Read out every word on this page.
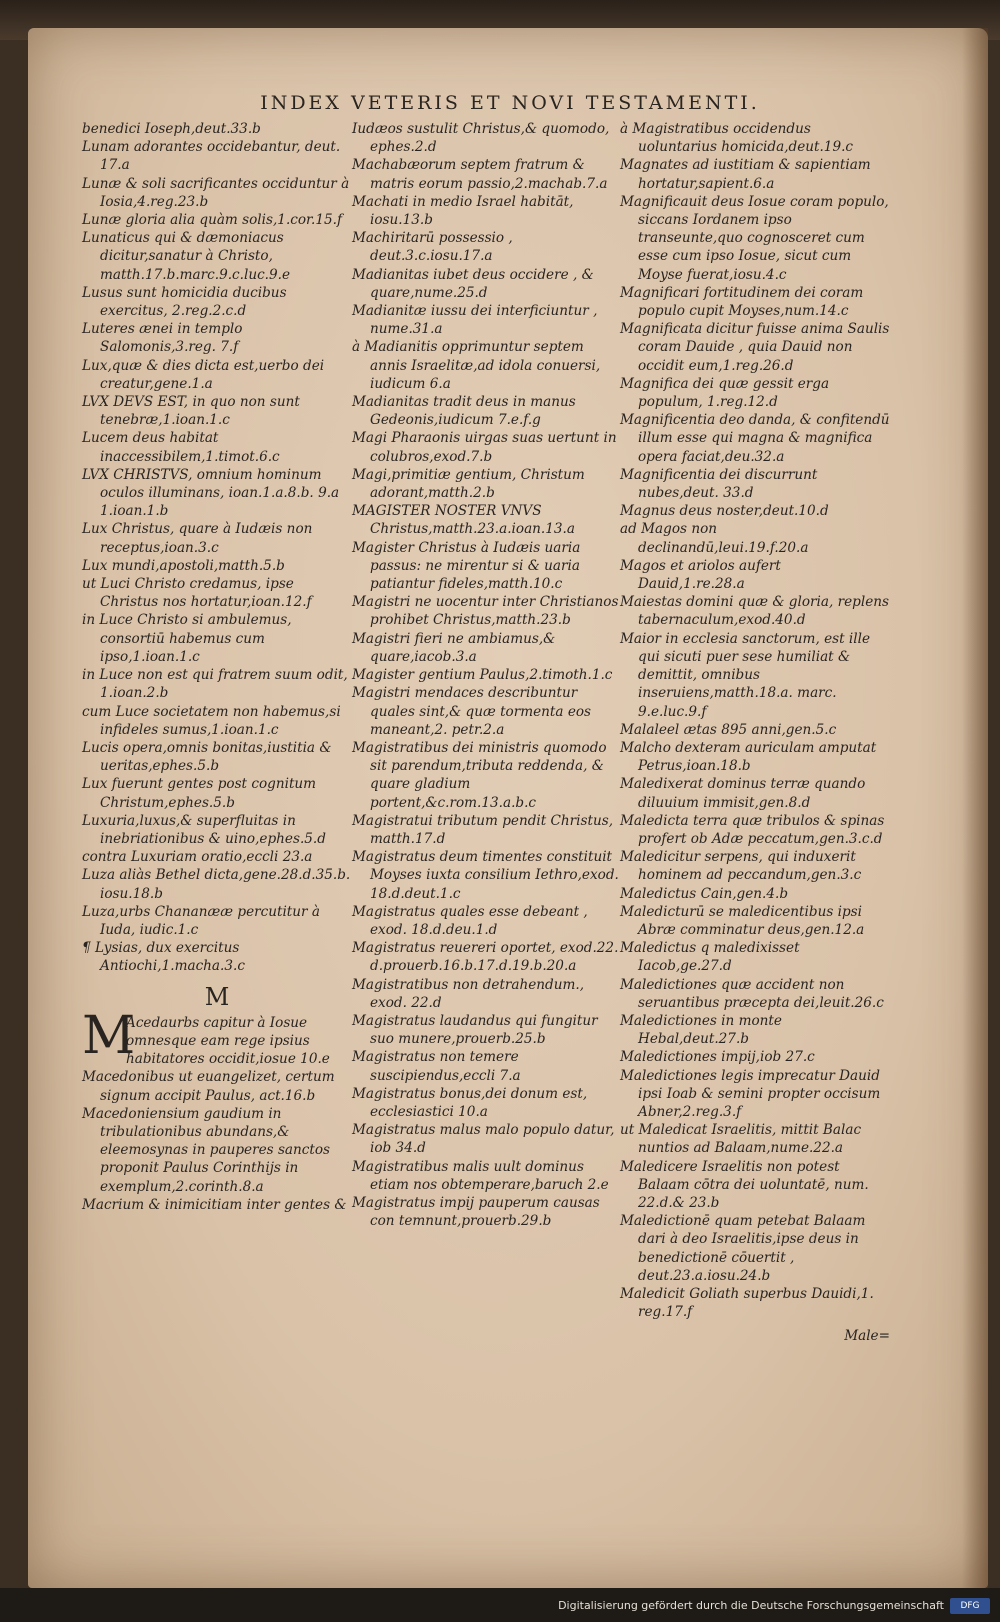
INDEX VETERIS ET NOVI TESTAMENTI.
benedici Ioseph,deut.33.b
Lunam adorantes occidebantur, deut. 17.a
Lunæ & soli sacrificantes occiduntur à Iosia,4.reg.23.b
Lunæ gloria alia quàm solis,1.cor.15.f
Lunaticus qui & dæmoniacus dicitur,sanatur à Christo, matth.17.b.marc.9.c.luc.9.e
Lusus sunt homicidia ducibus exercitus, 2.reg.2.c.d
Luteres ænei in templo Salomonis,3.reg. 7.f
Lux,quæ & dies dicta est,uerbo dei creatur,gene.1.a
LVX DEVS EST, in quo non sunt tenebræ,1.ioan.1.c
Lucem deus habitat inaccessibilem,1.timot.6.c
LVX CHRISTVS, omnium hominum oculos illuminans, ioan.1.a.8.b. 9.a 1.ioan.1.b
Lux Christus, quare à Iudæis non receptus,ioan.3.c
Lux mundi,apostoli,matth.5.b
ut Luci Christo credamus, ipse Christus nos hortatur,ioan.12.f
in Luce Christo si ambulemus, consortiū habemus cum ipso,1.ioan.1.c
in Luce non est qui fratrem suum odit, 1.ioan.2.b
cum Luce societatem non habemus,si infideles sumus,1.ioan.1.c
Lucis opera,omnis bonitas,iustitia & ueritas,ephes.5.b
Lux fuerunt gentes post cognitum Christum,ephes.5.b
Luxuria,luxus,& superfluitas in inebriationibus & uino,ephes.5.d
contra Luxuriam oratio,eccli 23.a
Luza aliàs Bethel dicta,gene.28.d.35.b. iosu.18.b
Luza,urbs Chananææ percutitur à Iuda, iudic.1.c
¶ Lysias, dux exercitus Antiochi,1.macha.3.c
M
M
Acedaurbs capitur à Iosue omnesque eam rege ipsius habitatores occidit,iosue 10.e
Macedonibus ut euangelizet, certum signum accipit Paulus, act.16.b
Macedoniensium gaudium in tribulationibus abundans,& eleemosynas in pauperes sanctos proponit Paulus Corinthijs in exemplum,2.corinth.8.a
Macrium & inimicitiam inter gentes &
Iudæos sustulit Christus,& quomodo, ephes.2.d
Machabæorum septem fratrum & matris eorum passio,2.machab.7.a
Machati in medio Israel habitāt, iosu.13.b
Machiritarū possessio , deut.3.c.iosu.17.a
Madianitas iubet deus occidere , & quare,nume.25.d
Madianitæ iussu dei interficiuntur , nume.31.a
à Madianitis opprimuntur septem annis Israelitæ,ad idola conuersi, iudicum 6.a
Madianitas tradit deus in manus Gedeonis,iudicum 7.e.f.g
Magi Pharaonis uirgas suas uertunt in colubros,exod.7.b
Magi,primitiæ gentium, Christum adorant,matth.2.b
MAGISTER NOSTER VNVS Christus,matth.23.a.ioan.13.a
Magister Christus à Iudæis uaria passus: ne mirentur si & uaria patiantur fideles,matth.10.c
Magistri ne uocentur inter Christianos prohibet Christus,matth.23.b
Magistri fieri ne ambiamus,& quare,iacob.3.a
Magister gentium Paulus,2.timoth.1.c
Magistri mendaces describuntur quales sint,& quæ tormenta eos maneant,2. petr.2.a
Magistratibus dei ministris quomodo sit parendum,tributa reddenda, & quare gladium portent,&c.rom.13.a.b.c
Magistratui tributum pendit Christus, matth.17.d
Magistratus deum timentes constituit Moyses iuxta consilium Iethro,exod. 18.d.deut.1.c
Magistratus quales esse debeant , exod. 18.d.deu.1.d
Magistratus reuereri oportet, exod.22. d.prouerb.16.b.17.d.19.b.20.a
Magistratibus non detrahendum., exod. 22.d
Magistratus laudandus qui fungitur suo munere,prouerb.25.b
Magistratus non temere suscipiendus,eccli 7.a
Magistratus bonus,dei donum est, ecclesiastici 10.a
Magistratus malus malo populo datur, iob 34.d
Magistratibus malis uult dominus etiam nos obtemperare,baruch 2.e
Magistratus impij pauperum causas con temnunt,prouerb.29.b
à Magistratibus occidendus uoluntarius homicida,deut.19.c
Magnates ad iustitiam & sapientiam hortatur,sapient.6.a
Magnificauit deus Iosue coram populo, siccans Iordanem ipso transeunte,quo cognosceret cum esse cum ipso Iosue, sicut cum Moyse fuerat,iosu.4.c
Magnificari fortitudinem dei coram populo cupit Moyses,num.14.c
Magnificata dicitur fuisse anima Saulis coram Dauide , quia Dauid non occidit eum,1.reg.26.d
Magnifica dei quæ gessit erga populum, 1.reg.12.d
Magnificentia deo danda, & confitendū illum esse qui magna & magnifica opera faciat,deu.32.a
Magnificentia dei discurrunt nubes,deut. 33.d
Magnus deus noster,deut.10.d
ad Magos non declinandū,leui.19.f.20.a
Magos et ariolos aufert Dauid,1.re.28.a
Maiestas domini quæ & gloria, replens tabernaculum,exod.40.d
Maior in ecclesia sanctorum, est ille qui sicuti puer sese humiliat & demittit, omnibus inseruiens,matth.18.a. marc. 9.e.luc.9.f
Malaleel ætas 895 anni,gen.5.c
Malcho dexteram auriculam amputat Petrus,ioan.18.b
Maledixerat dominus terræ quando diluuium immisit,gen.8.d
Maledicta terra quæ tribulos & spinas profert ob Adæ peccatum,gen.3.c.d
Maledicitur serpens, qui induxerit hominem ad peccandum,gen.3.c
Maledictus Cain,gen.4.b
Maledicturū se maledicentibus ipsi Abræ comminatur deus,gen.12.a
Maledictus q maledixisset Iacob,ge.27.d
Maledictiones quæ accident non seruantibus præcepta dei,leuit.26.c
Maledictiones in monte Hebal,deut.27.b
Maledictiones impij,iob 27.c
Maledictiones legis imprecatur Dauid ipsi Ioab & semini propter occisum Abner,2.reg.3.f
ut Maledicat Israelitis, mittit Balac nuntios ad Balaam,nume.22.a
Maledicere Israelitis non potest Balaam cōtra dei uoluntatē, num. 22.d.& 23.b
Maledictionē quam petebat Balaam dari à deo Israelitis,ipse deus in benedictionē cōuertit , deut.23.a.iosu.24.b
Maledicit Goliath superbus Dauidi,1. reg.17.f
Male=
Digitalisierung gefördert durch die Deutsche Forschungsgemeinschaft	DFG
